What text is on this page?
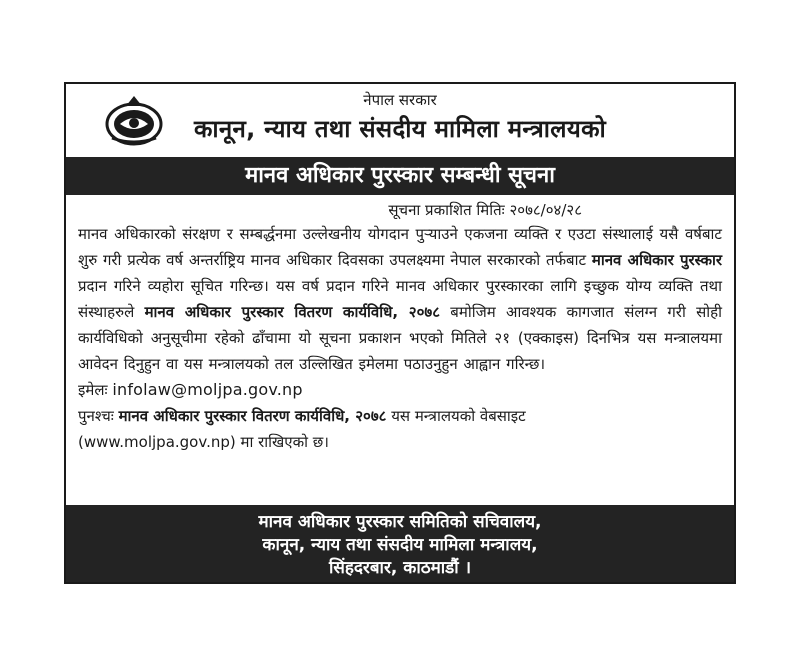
नेपाल सरकार
कानून, न्याय तथा संसदीय मामिला मन्त्रालयको
मानव अधिकार पुरस्कार सम्बन्धी सूचना
सूचना प्रकाशित मितिः २०७८/०४/२८
मानव अधिकारको संरक्षण र सम्बर्द्धनमा उल्लेखनीय योगदान पुर्‍याउने एकजना व्यक्ति र एउटा संस्थालाई यसै वर्षबाट शुरु गरी प्रत्येक वर्ष अन्तर्राष्ट्रिय मानव अधिकार दिवसका उपलक्ष्यमा नेपाल सरकारको तर्फबाट मानव अधिकार पुरस्कार प्रदान गरिने व्यहोरा सूचित गरिन्छ। यस वर्ष प्रदान गरिने मानव अधिकार पुरस्कारका लागि इच्छुक योग्य व्यक्ति तथा संस्थाहरुले मानव अधिकार पुरस्कार वितरण कार्यविधि, २०७८ बमोजिम आवश्यक कागजात संलग्न गरी सोही कार्यविधिको अनुसूचीमा रहेको ढाँचामा यो सूचना प्रकाशन भएको मितिले २१ (एक्काइस) दिनभित्र यस मन्त्रालयमा आवेदन दिनुहुन वा यस मन्त्रालयको तल उल्लिखित इमेलमा पठाउनुहुन आह्वान गरिन्छ।
इमेलः infolaw@moljpa.gov.np
पुनश्चः मानव अधिकार पुरस्कार वितरण कार्यविधि, २०७८ यस मन्त्रालयको वेबसाइट
(www.moljpa.gov.np) मा राखिएको छ।
मानव अधिकार पुरस्कार समितिको सचिवालय,
कानून, न्याय तथा संसदीय मामिला मन्त्रालय,
सिंहदरबार, काठमाडौं ।
